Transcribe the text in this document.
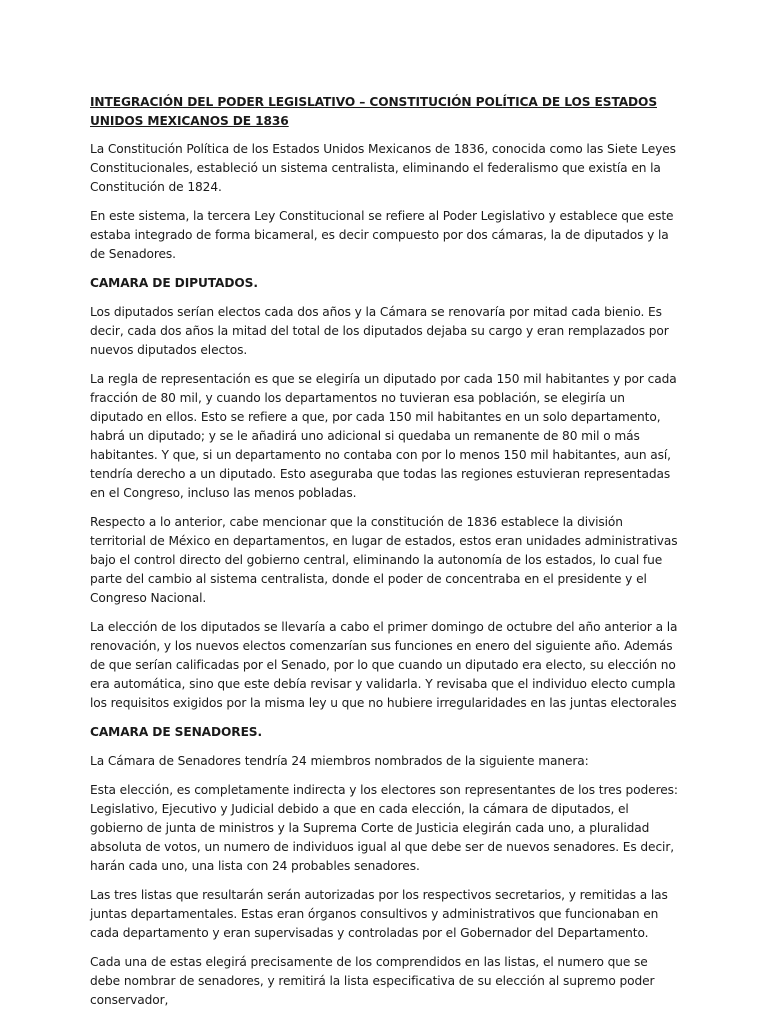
INTEGRACIÓN DEL PODER LEGISLATIVO – CONSTITUCIÓN POLÍTICA DE LOS ESTADOS UNIDOS MEXICANOS DE 1836

La Constitución Política de los Estados Unidos Mexicanos de 1836, conocida como las Siete Leyes Constitucionales, estableció un sistema centralista, eliminando el federalismo que existía en la Constitución de 1824.

En este sistema, la tercera Ley Constitucional se refiere al Poder Legislativo y establece que este estaba integrado de forma bicameral, es decir compuesto por dos cámaras, la de diputados y la de Senadores.

CAMARA DE DIPUTADOS.

Los diputados serían electos cada dos años y la Cámara se renovaría por mitad cada bienio. Es decir, cada dos años la mitad del total de los diputados dejaba su cargo y eran remplazados por nuevos diputados electos.

La regla de representación es que se elegiría un diputado por cada 150 mil habitantes y por cada fracción de 80 mil, y cuando los departamentos no tuvieran esa población, se elegiría un diputado en ellos. Esto se refiere a que, por cada 150 mil habitantes en un solo departamento, habrá un diputado; y se le añadirá uno adicional si quedaba un remanente de 80 mil o más habitantes. Y que, si un departamento no contaba con por lo menos 150 mil habitantes, aun así, tendría derecho a un diputado. Esto aseguraba que todas las regiones estuvieran representadas en el Congreso, incluso las menos pobladas.

Respecto a lo anterior, cabe mencionar que la constitución de 1836 establece la división territorial de México en departamentos, en lugar de estados, estos eran unidades administrativas bajo el control directo del gobierno central, eliminando la autonomía de los estados, lo cual fue parte del cambio al sistema centralista, donde el poder de concentraba en el presidente y el Congreso Nacional.

La elección de los diputados se llevaría a cabo el primer domingo de octubre del año anterior a la renovación, y los nuevos electos comenzarían sus funciones en enero del siguiente año. Además de que serían calificadas por el Senado, por lo que cuando un diputado era electo, su elección no era automática, sino que este debía revisar y validarla. Y revisaba que el individuo electo cumpla los requisitos exigidos por la misma ley u que no hubiere irregularidades en las juntas electorales

CAMARA DE SENADORES.

La Cámara de Senadores tendría 24 miembros nombrados de la siguiente manera:

Esta elección, es completamente indirecta y los electores son representantes de los tres poderes: Legislativo, Ejecutivo y Judicial debido a que en cada elección, la cámara de diputados, el gobierno de junta de ministros y la Suprema Corte de Justicia elegirán cada uno, a pluralidad absoluta de votos, un numero de individuos igual al que debe ser de nuevos senadores. Es decir, harán cada uno, una lista con 24 probables senadores.

Las tres listas que resultarán serán autorizadas por los respectivos secretarios, y remitidas a las juntas departamentales. Estas eran órganos consultivos y administrativos que funcionaban en cada departamento y eran supervisadas y controladas por el Gobernador del Departamento.

Cada una de estas elegirá precisamente de los comprendidos en las listas, el numero que se debe nombrar de senadores, y remitirá la lista especificativa de su elección al supremo poder conservador,
